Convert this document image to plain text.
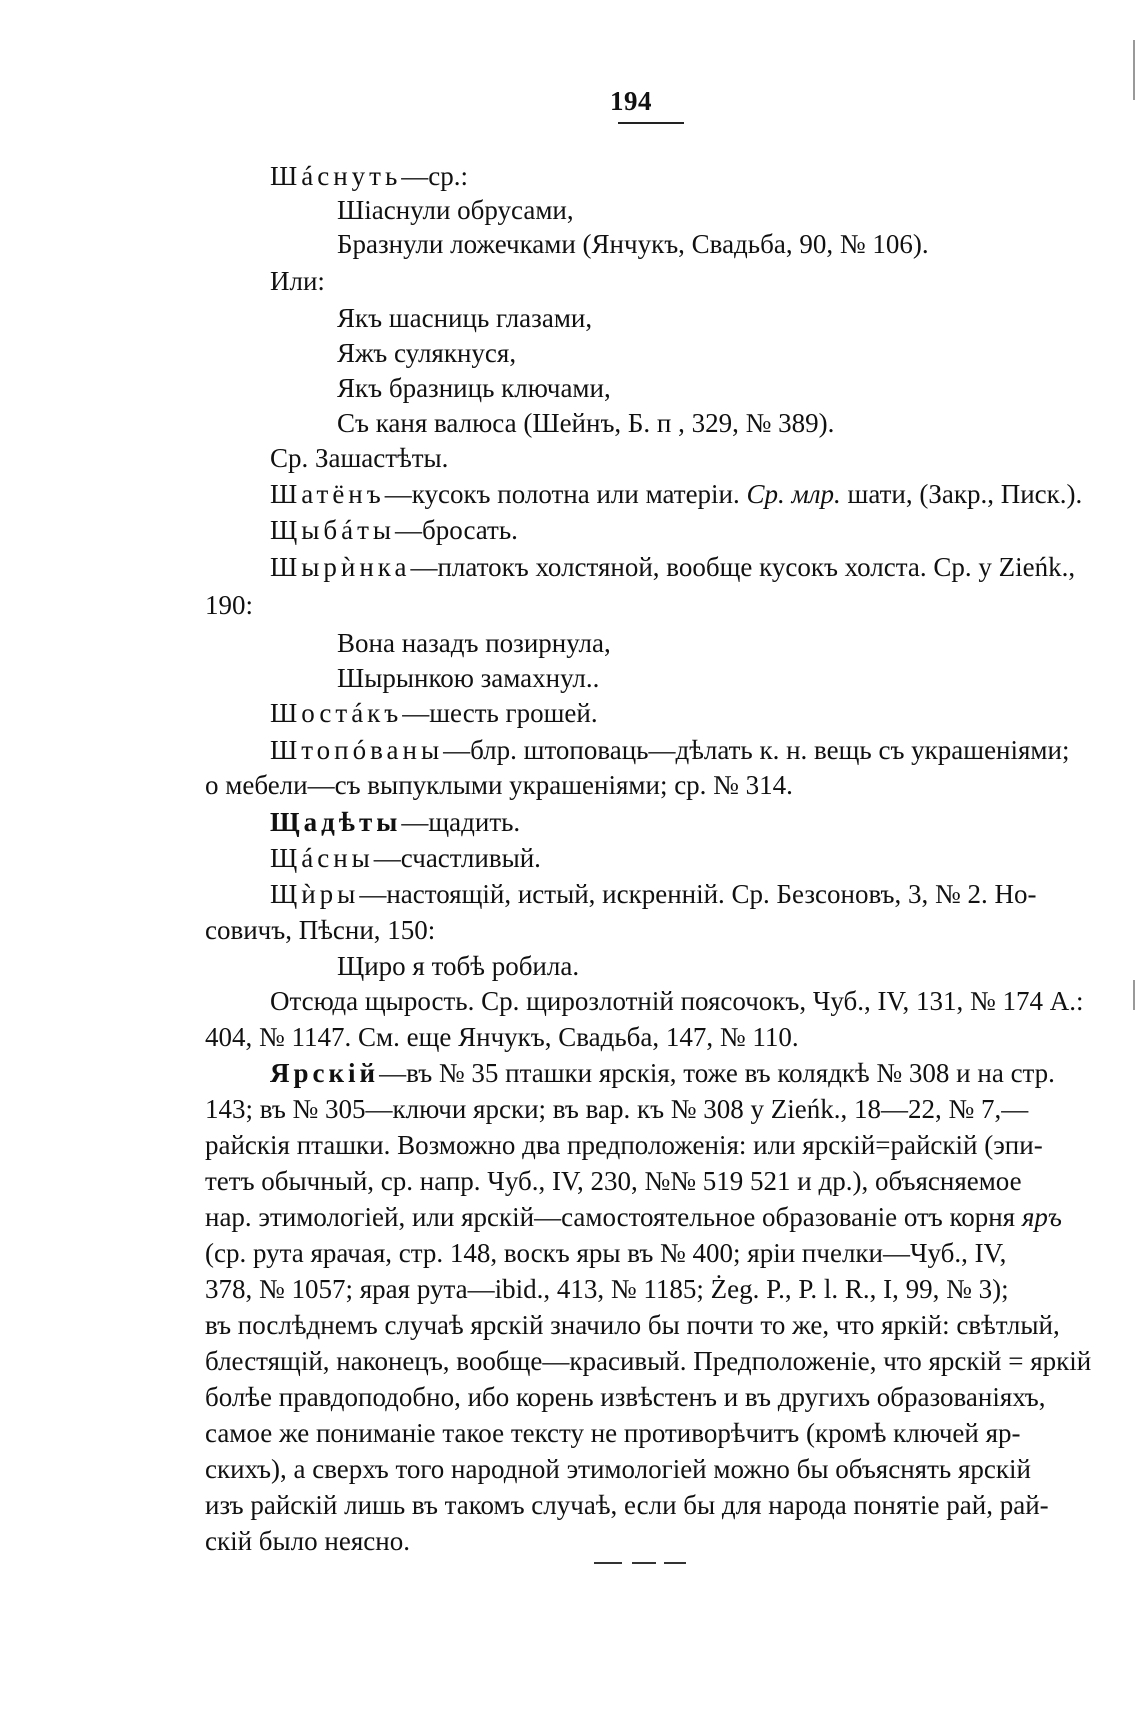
194
Шáснуть—ср.:
Шiаснули обрусами,
Бразнули ложечками (Янчукъ, Свадьба, 90, № 106).
Или:
Якъ шасниць глазами,
Яжъ сулякнуся,
Якъ бразниць ключами,
Съ каня валюса (Шейнъ, Б. п , 329, № 389).
Ср. Зашастѣты.
Шатёнъ—кусокъ полотна или матерiи. Ср. млр. шати, (Закр., Писк.).
Щыбáты—бросать.
Шырѝнка—платокъ холстяной, вообще кусокъ холста. Ср. у Zieńk.,
190:
Вона назадъ позирнула,
Шырынкою замахнул..
Шостáкъ—шесть грошей.
Штопóваны—блр. штоповаць—дѣлать к. н. вещь съ украшенiями;
о мебели—съ выпуклыми украшенiями; ср. № 314.
Щадѣты—щадить.
Щáсны—счастливый.
Щѝры—настоящiй, истый, искреннiй. Ср. Безсоновъ, 3, № 2. Но-
совичъ, Пѣсни, 150:
Щиро я тобѣ робила.
Отсюда щырость. Ср. щирозлотнiй поясочокъ, Чуб., IV, 131, № 174 А.:
404, № 1147. См. еще Янчукъ, Свадьба, 147, № 110.
Ярскiй—въ № 35 пташки ярскiя, тоже въ колядкѣ № 308 и на стр.
143; въ № 305—ключи ярски; въ вар. къ № 308 у Zieńk., 18—22, № 7,—
райскiя пташки. Возможно два предположенiя: или ярскiй=райскiй (эпи-
тетъ обычный, ср. напр. Чуб., IV, 230, №№ 519 521 и др.), объясняемое
нар. этимологiей, или ярскiй—самостоятельное образованiе отъ корня яръ
(ср. рута ярачая, стр. 148, воскъ яры въ № 400; ярiи пчелки—Чуб., IV,
378, № 1057; ярая рута—ibid., 413, № 1185; Żeg. P., P. l. R., I, 99, № 3);
въ послѣднемъ случаѣ ярскiй значило бы почти то же, что яркiй: свѣтлый,
блестящiй, наконецъ, вообще—красивый. Предположенiе, что ярскiй = яркiй
болѣе правдоподобно, ибо корень извѣстенъ и въ другихъ образованiяхъ,
самое же пониманiе такое тексту не противорѣчитъ (кромѣ ключей яр-
скихъ), а сверхъ того народной этимологiей можно бы объяснять ярскiй
изъ райскiй лишь въ такомъ случаѣ, если бы для народа понятiе рай, рай-
скiй было неясно.
